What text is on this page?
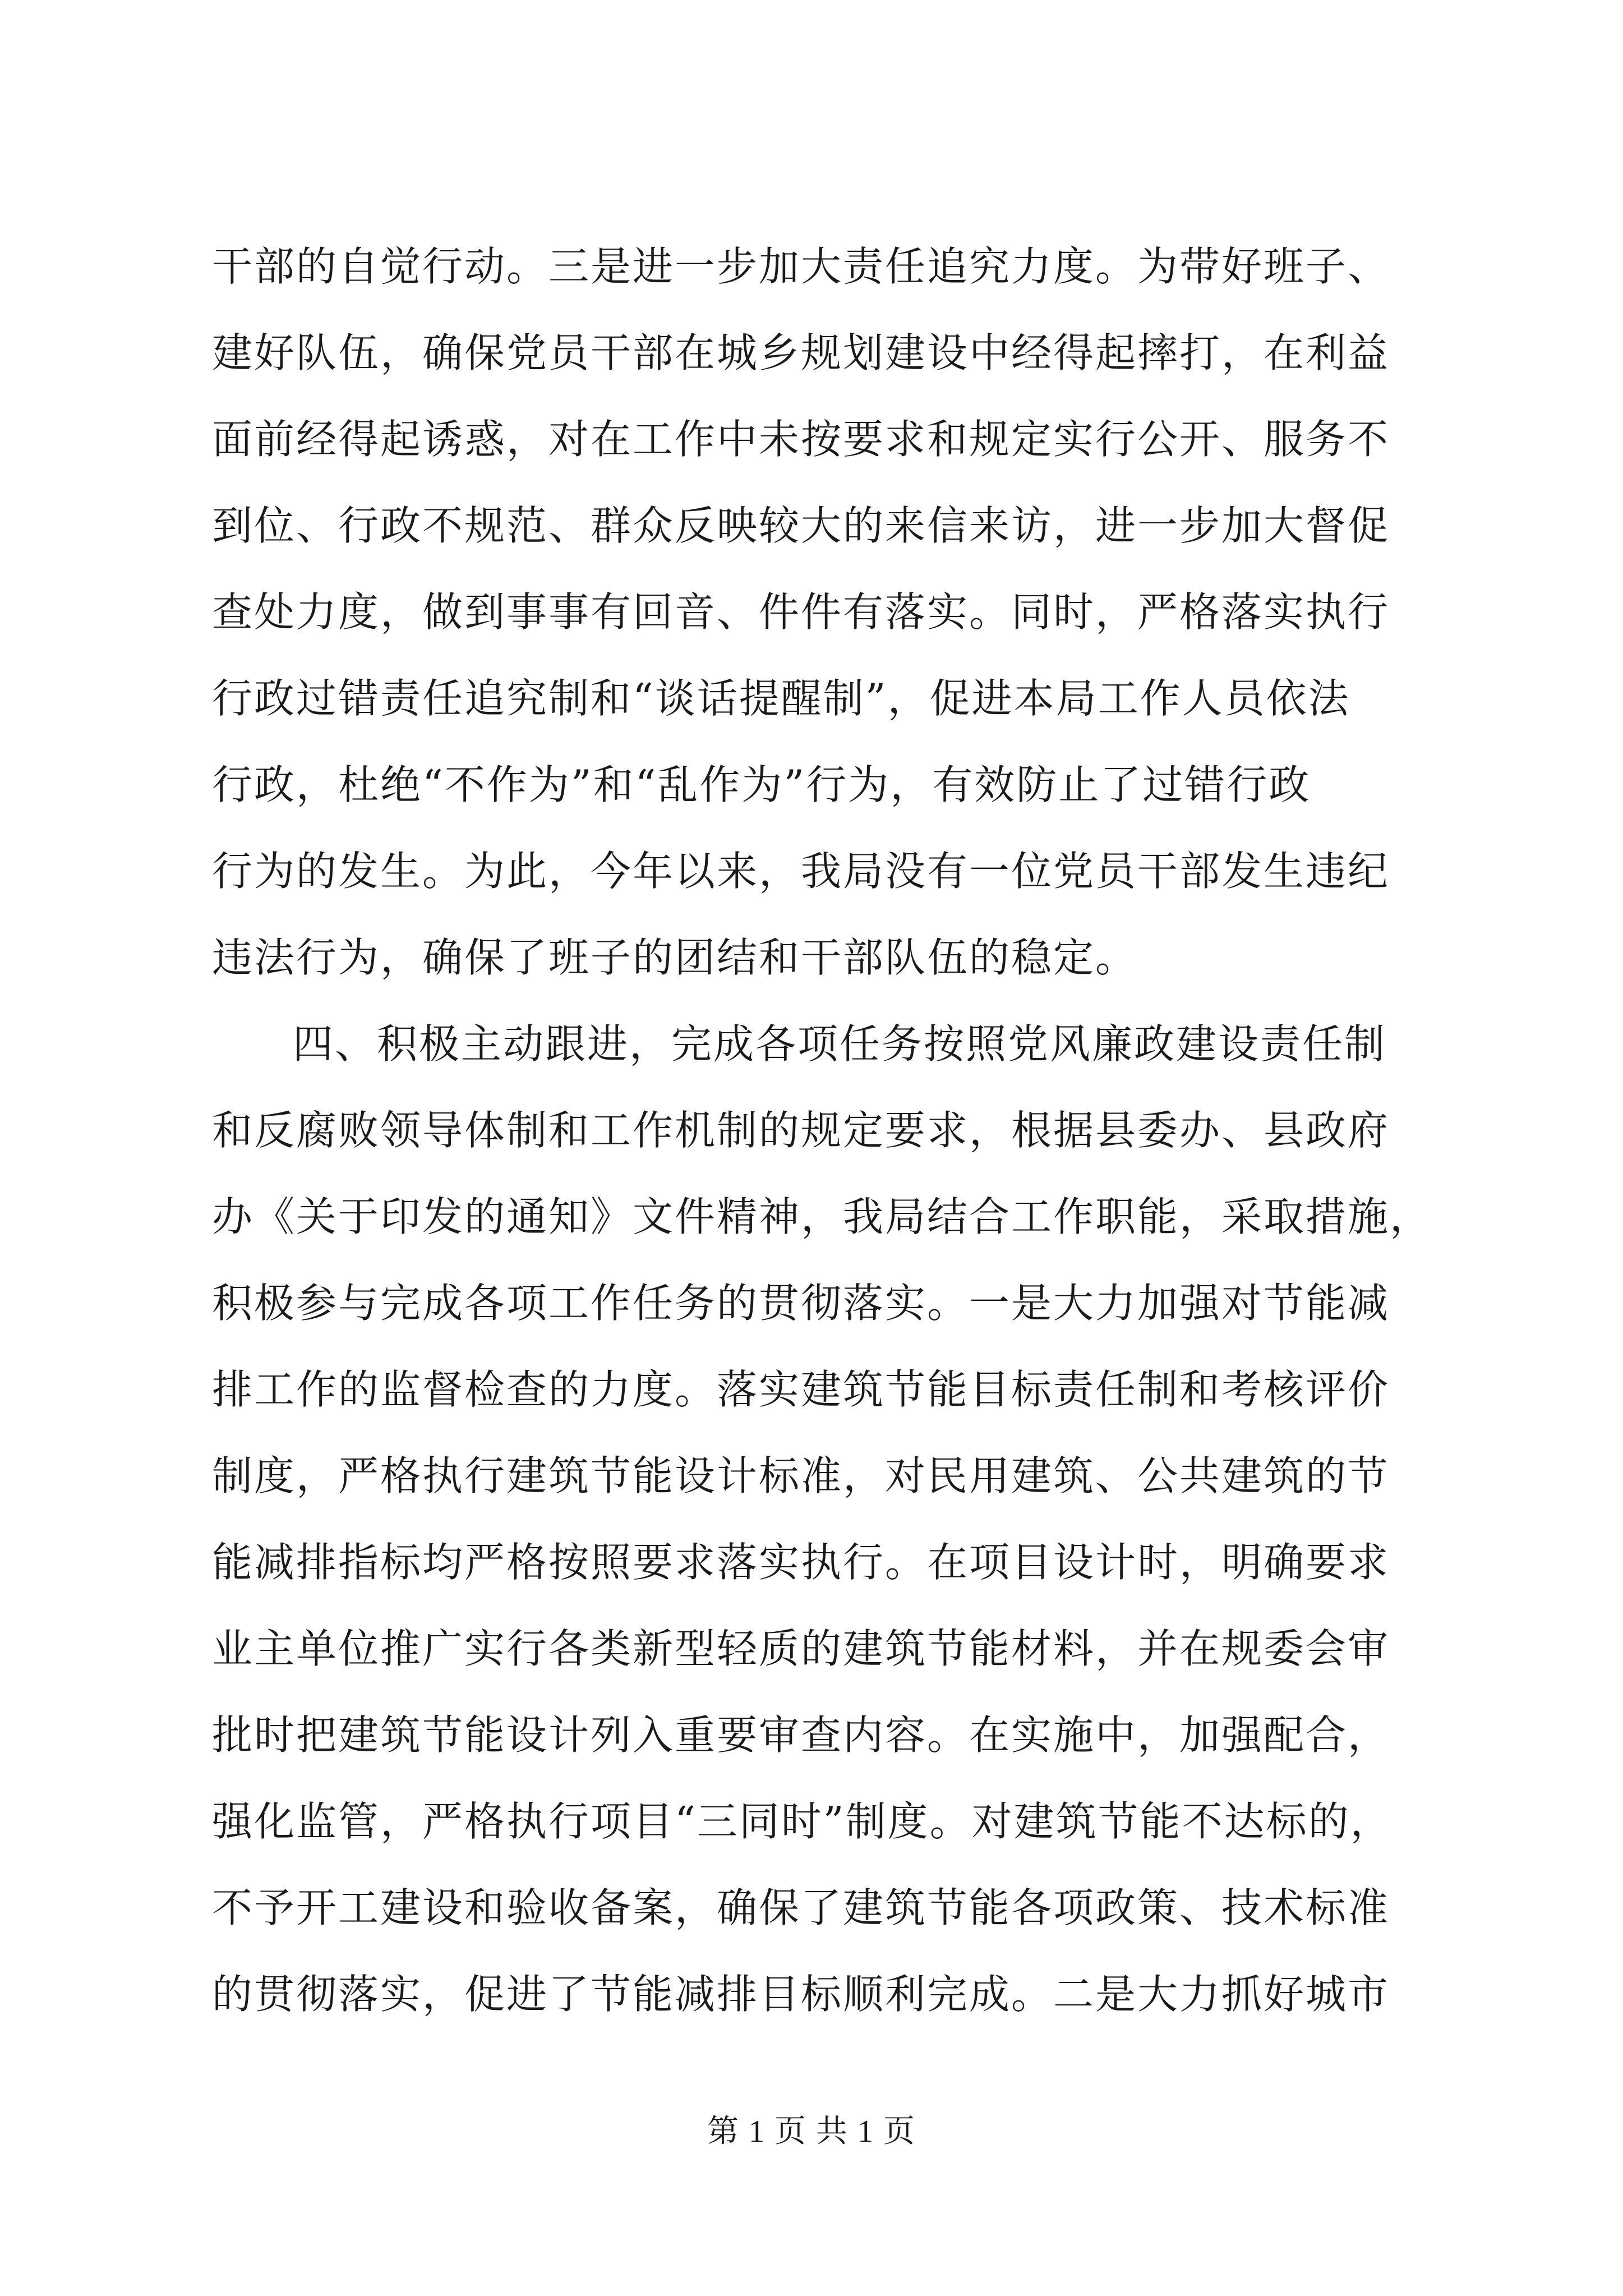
干部的自觉行动。三是进一步加大责任追究力度。为带好班子、
建好队伍，确保党员干部在城乡规划建设中经得起摔打，在利益
面前经得起诱惑，对在工作中未按要求和规定实行公开、服务不
到位、行政不规范、群众反映较大的来信来访，进一步加大督促
查处力度，做到事事有回音、件件有落实。同时，严格落实执行
行政过错责任追究制和“谈话提醒制”，促进本局工作人员依法
行政，杜绝“不作为”和“乱作为”行为，有效防止了过错行政
行为的发生。为此，今年以来，我局没有一位党员干部发生违纪
违法行为，确保了班子的团结和干部队伍的稳定。
四、积极主动跟进，完成各项任务按照党风廉政建设责任制
和反腐败领导体制和工作机制的规定要求，根据县委办、县政府
办《关于印发的通知》文件精神，我局结合工作职能，采取措施，
积极参与完成各项工作任务的贯彻落实。一是大力加强对节能减
排工作的监督检查的力度。落实建筑节能目标责任制和考核评价
制度，严格执行建筑节能设计标准，对民用建筑、公共建筑的节
能减排指标均严格按照要求落实执行。在项目设计时，明确要求
业主单位推广实行各类新型轻质的建筑节能材料，并在规委会审
批时把建筑节能设计列入重要审查内容。在实施中，加强配合，
强化监管，严格执行项目“三同时”制度。对建筑节能不达标的，
不予开工建设和验收备案，确保了建筑节能各项政策、技术标准
的贯彻落实，促进了节能减排目标顺利完成。二是大力抓好城市
第 1 页 共 1 页
